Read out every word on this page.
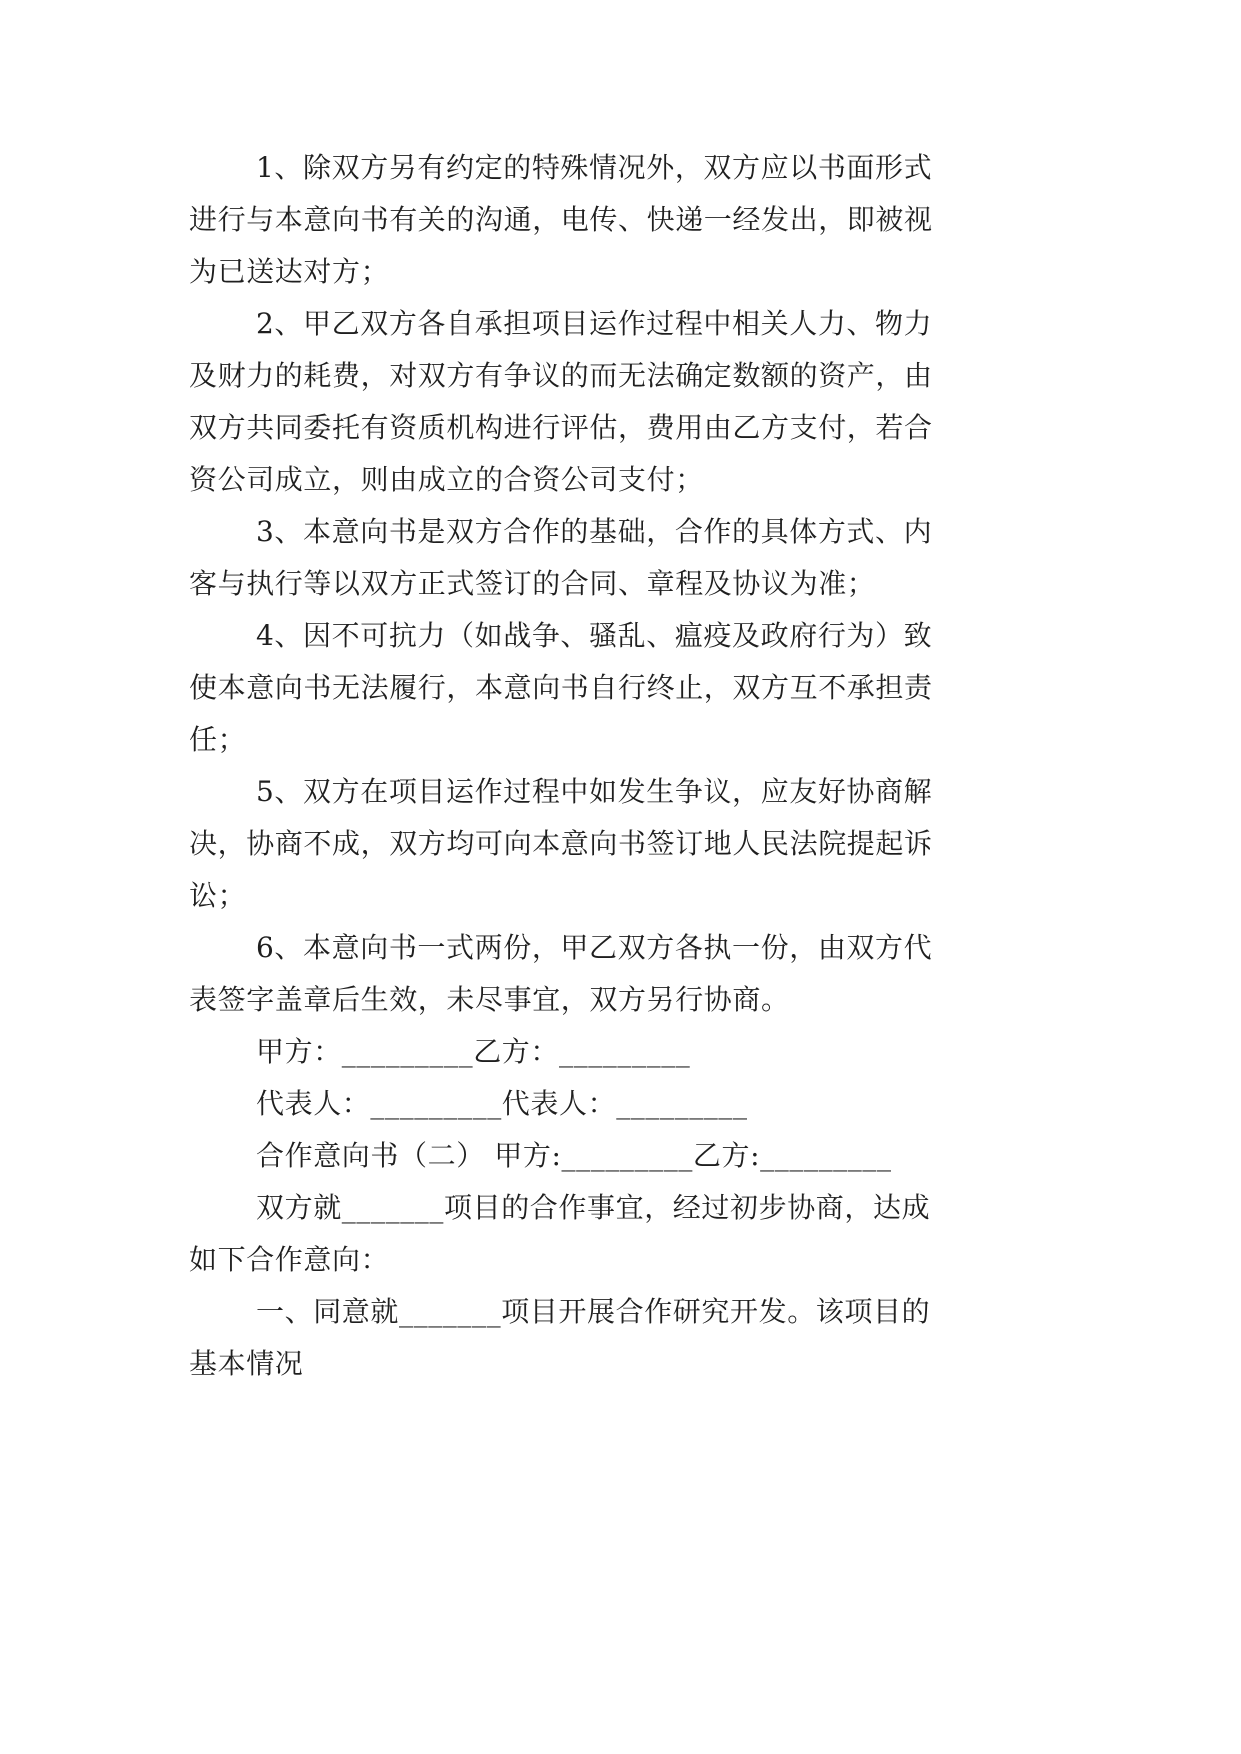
1、除双方另有约定的特殊情况外，双方应以书面形式
进行与本意向书有关的沟通，电传、快递一经发出，即被视
为已送达对方；
2、甲乙双方各自承担项目运作过程中相关人力、物力
及财力的耗费，对双方有争议的而无法确定数额的资产，由
双方共同委托有资质机构进行评估，费用由乙方支付，若合
资公司成立，则由成立的合资公司支付；
3、本意向书是双方合作的基础，合作的具体方式、内
客与执行等以双方正式签订的合同、章程及协议为准；
4、因不可抗力（如战争、骚乱、瘟疫及政府行为）致
使本意向书无法履行，本意向书自行终止，双方互不承担责
任；
5、双方在项目运作过程中如发生争议，应友好协商解
决，协商不成，双方均可向本意向书签订地人民法院提起诉
讼；
6、本意向书一式两份，甲乙双方各执一份，由双方代
表签字盖章后生效，未尽事宜，双方另行协商。
甲方：_________乙方：_________
代表人：_________代表人：_________
合作意向书（二） 甲方:_________乙方:_________
双方就_______项目的合作事宜，经过初步协商，达成
如下合作意向：
一、同意就_______项目开展合作研究开发。该项目的
基本情况
